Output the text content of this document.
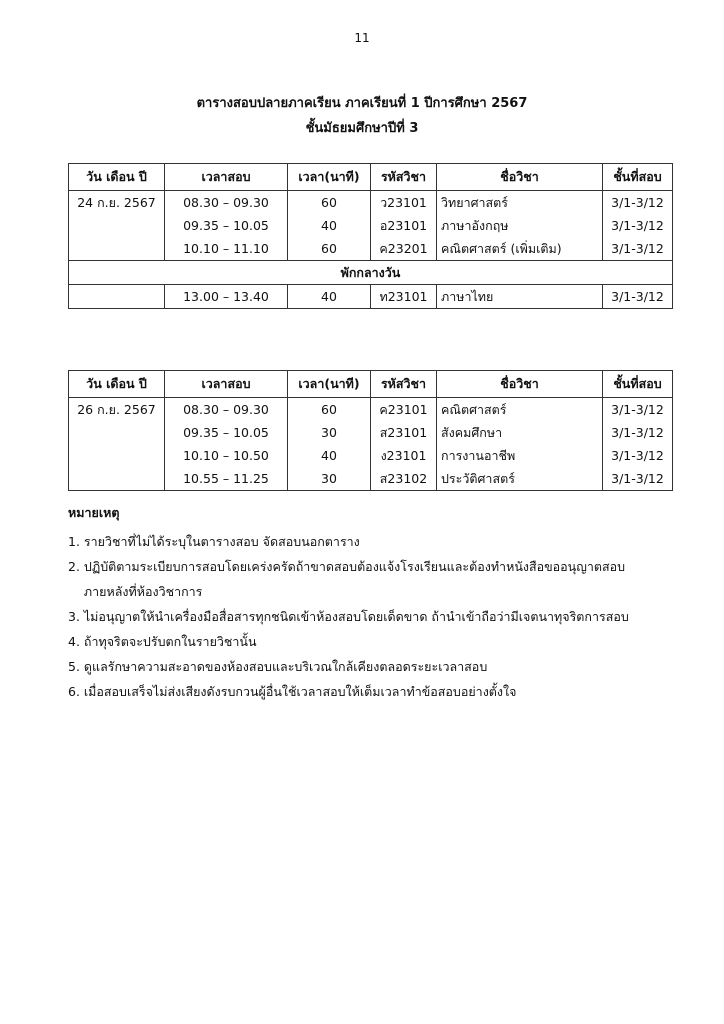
11
ตารางสอบปลายภาคเรียน ภาคเรียนที่ 1 ปีการศึกษา 2567
ชั้นมัธยมศึกษาปีที่ 3
วัน เดือน ปี	เวลาสอบ	เวลา(นาที)	รหัสวิชา	ชื่อวิชา	ชั้นที่สอบ
24 ก.ย. 2567	08.30 – 09.30	60	ว23101	วิทยาศาสตร์	3/1-3/12
	09.35 – 10.05	40	อ23101	ภาษาอังกฤษ	3/1-3/12
	10.10 – 11.10	60	ค23201	คณิตศาสตร์ (เพิ่มเติม)	3/1-3/12
พักกลางวัน					
	13.00 – 13.40	40	ท23101	ภาษาไทย	3/1-3/12
วัน เดือน ปี	เวลาสอบ	เวลา(นาที)	รหัสวิชา	ชื่อวิชา	ชั้นที่สอบ
26 ก.ย. 2567	08.30 – 09.30	60	ค23101	คณิตศาสตร์	3/1-3/12
	09.35 – 10.05	30	ส23101	สังคมศึกษา	3/1-3/12
	10.10 – 10.50	40	ง23101	การงานอาชีพ	3/1-3/12
	10.55 – 11.25	30	ส23102	ประวัติศาสตร์	3/1-3/12
หมายเหตุ
1. รายวิชาที่ไม่ได้ระบุในตารางสอบ จัดสอบนอกตาราง
2. ปฏิบัติตามระเบียบการสอบโดยเคร่งครัดถ้าขาดสอบต้องแจ้งโรงเรียนและต้องทำหนังสือขออนุญาตสอบ
ภายหลังที่ห้องวิชาการ
3. ไม่อนุญาตให้นำเครื่องมือสื่อสารทุกชนิดเข้าห้องสอบโดยเด็ดขาด ถ้านำเข้าถือว่ามีเจตนาทุจริตการสอบ
4. ถ้าทุจริตจะปรับตกในรายวิชานั้น
5. ดูแลรักษาความสะอาดของห้องสอบและบริเวณใกล้เคียงตลอดระยะเวลาสอบ
6. เมื่อสอบเสร็จไม่ส่งเสียงดังรบกวนผู้อื่นใช้เวลาสอบให้เต็มเวลาทำข้อสอบอย่างตั้งใจ
